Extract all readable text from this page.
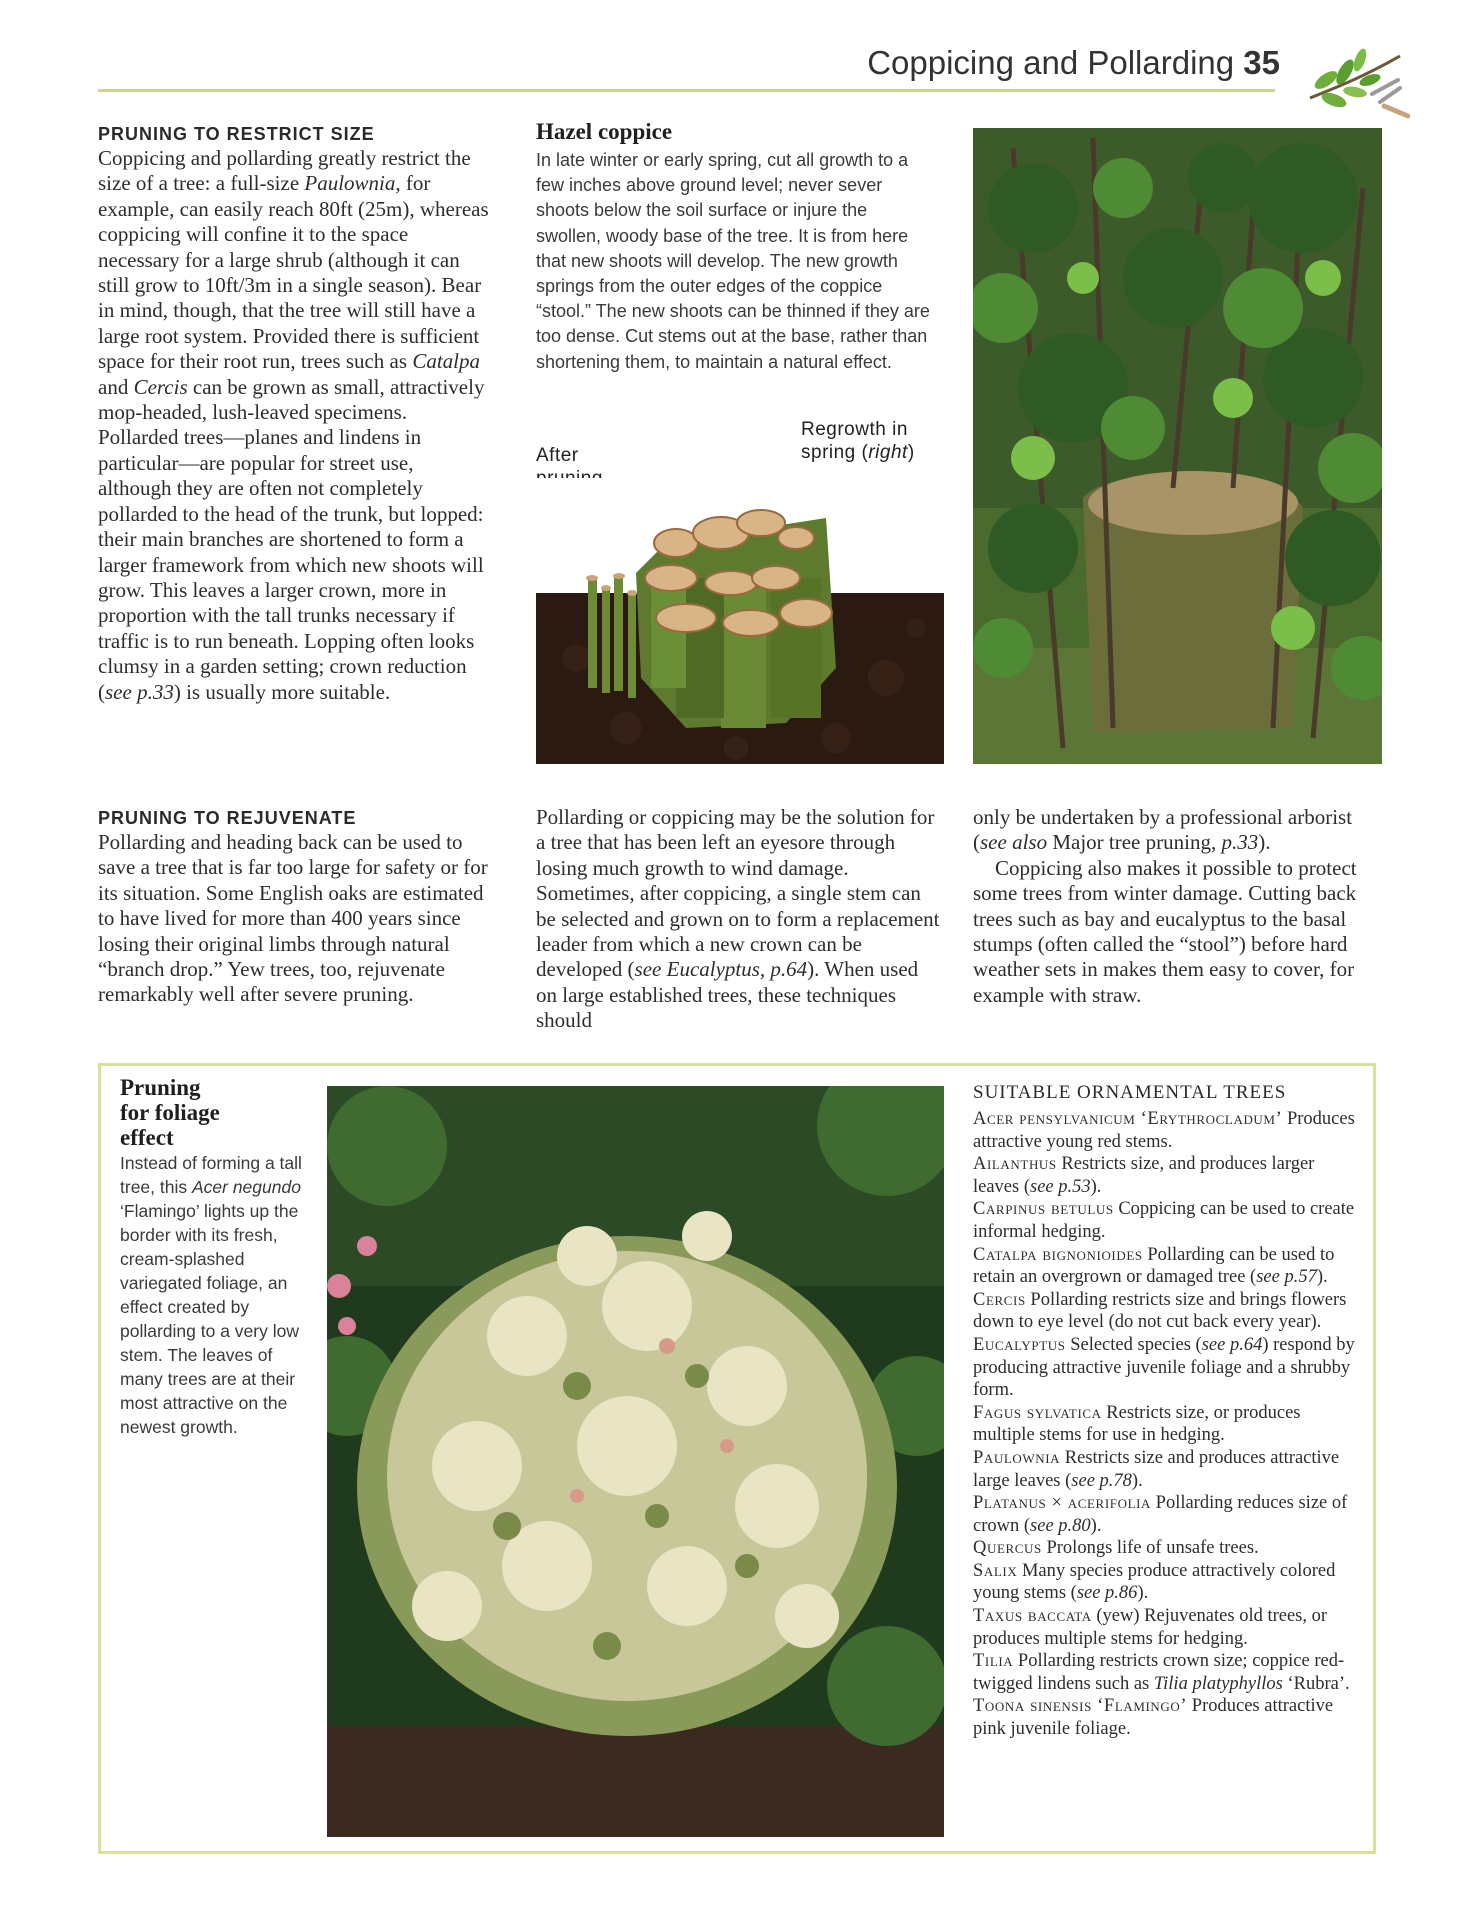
Coppicing and Pollarding 35
PRUNING TO RESTRICT SIZE
Coppicing and pollarding greatly restrict the size of a tree: a full-size Paulownia, for example, can easily reach 80ft (25m), whereas coppicing will confine it to the space necessary for a large shrub (although it can still grow to 10ft/3m in a single season). Bear in mind, though, that the tree will still have a large root system. Provided there is sufficient space for their root run, trees such as Catalpa and Cercis can be grown as small, attractively mop-headed, lush-leaved specimens. Pollarded trees—planes and lindens in particular—are popular for street use, although they are often not completely pollarded to the head of the trunk, but lopped: their main branches are shortened to form a larger framework from which new shoots will grow. This leaves a larger crown, more in proportion with the tall trunks necessary if traffic is to run beneath. Lopping often looks clumsy in a garden setting; crown reduction (see p.33) is usually more suitable.
Hazel coppice
In late winter or early spring, cut all growth to a few inches above ground level; never sever shoots below the soil surface or injure the swollen, woody base of the tree. It is from here that new shoots will develop. The new growth springs from the outer edges of the coppice “stool.” The new shoots can be thinned if they are too dense. Cut stems out at the base, rather than shortening them, to maintain a natural effect.
After
Regrowth in
spring (right)
PRUNING TO REJUVENATE
Pollarding and heading back can be used to save a tree that is far too large for safety or for its situation. Some English oaks are estimated to have lived for more than 400 years since losing their original limbs through natural “branch drop.” Yew trees, too, rejuvenate remarkably well after severe pruning.
Pollarding or coppicing may be the solution for a tree that has been left an eyesore through losing much growth to wind damage. Sometimes, after coppicing, a single stem can be selected and grown on to form a replacement leader from which a new crown can be developed (see Eucalyptus, p.64). When used on large established trees, these techniques should
only be undertaken by a professional arborist (see also Major tree pruning, p.33).
Coppicing also makes it possible to protect some trees from winter damage. Cutting back trees such as bay and eucalyptus to the basal stumps (often called the “stool”) before hard weather sets in makes them easy to cover, for example with straw.
Pruning
for foliage
effect
Instead of forming a tall tree, this Acer negundo ‘Flamingo’ lights up the border with its fresh, cream-splashed variegated foliage, an effect created by pollarding to a very low stem. The leaves of many trees are at their most attractive on the newest growth.
SUITABLE ORNAMENTAL TREES

Acer pensylvanicum ‘Erythrocladum’ Produces attractive young red stems.

Ailanthus Restricts size, and produces larger leaves (see p.53).

Carpinus betulus Coppicing can be used to create informal hedging.

Catalpa bignonioides Pollarding can be used to retain an overgrown or damaged tree (see p.57).

Cercis Pollarding restricts size and brings flowers down to eye level (do not cut back every year).

Eucalyptus Selected species (see p.64) respond by producing attractive juvenile foliage and a shrubby form.

Fagus sylvatica Restricts size, or produces multiple stems for use in hedging.

Paulownia Restricts size and produces attractive large leaves (see p.78).

Platanus × acerifolia Pollarding reduces size of crown (see p.80).

Quercus Prolongs life of unsafe trees.

Salix Many species produce attractively colored young stems (see p.86).

Taxus baccata (yew) Rejuvenates old trees, or produces multiple stems for hedging.

Tilia Pollarding restricts crown size; coppice red-twigged lindens such as Tilia platyphyllos ‘Rubra’.

Toona sinensis ‘Flamingo’ Produces attractive pink juvenile foliage.
